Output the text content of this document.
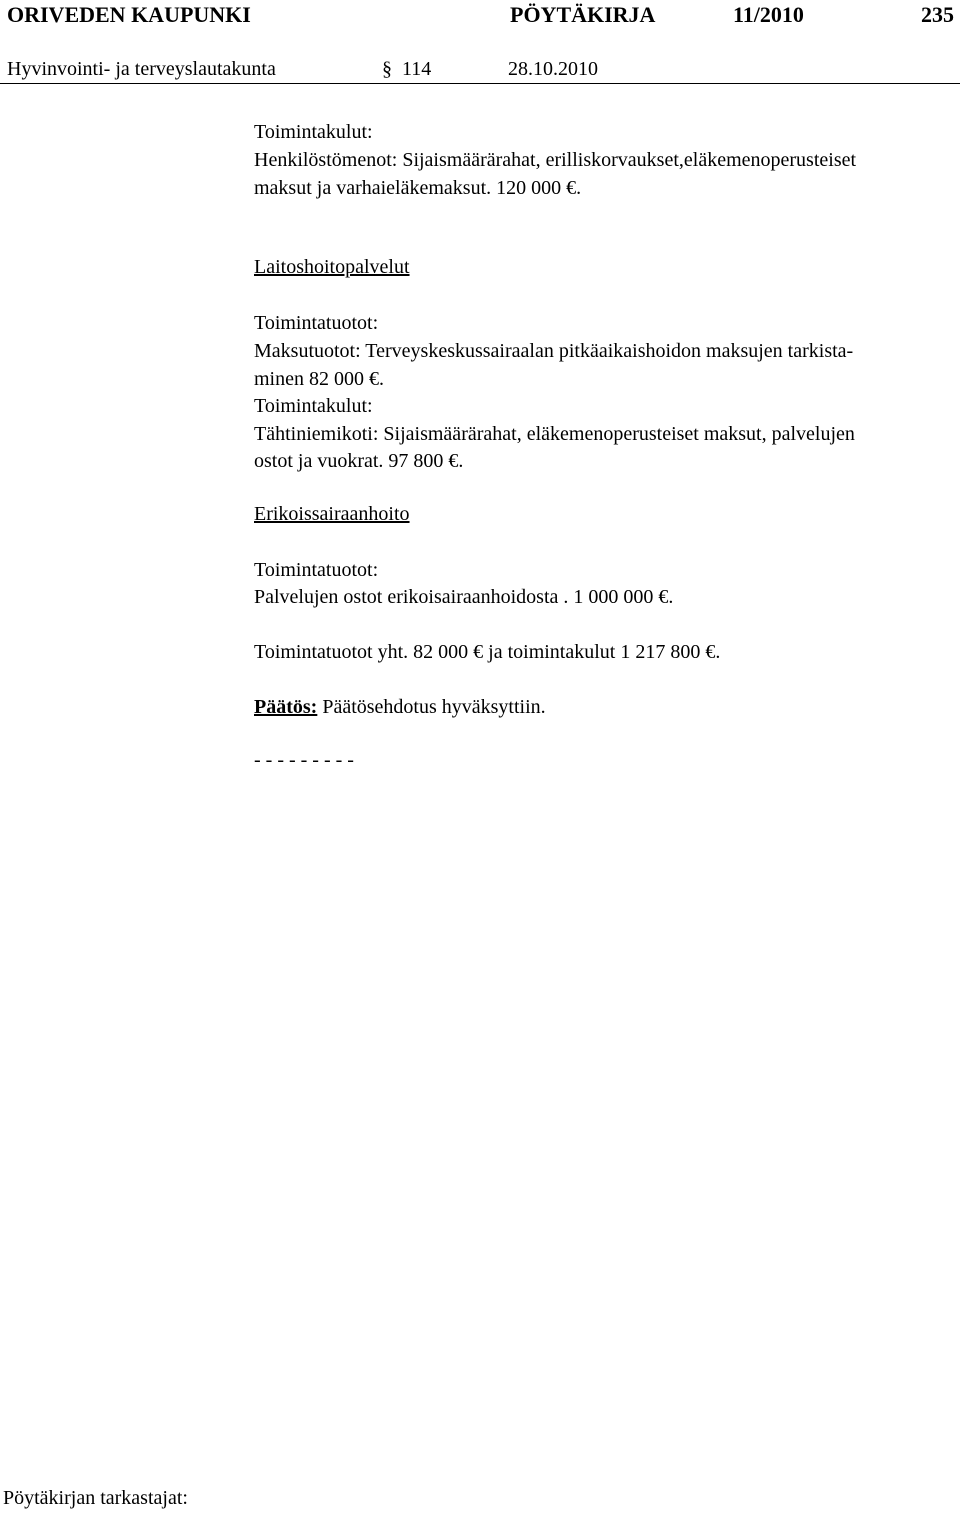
ORIVEDEN KAUPUNKI	PÖYTÄKIRJA	11/2010	235
Hyvinvointi- ja terveyslautakunta	§ 114	28.10.2010
Toimintakulut:
Henkilöstömenot: Sijaismäärärahat, erilliskorvaukset,eläkemenoperusteiset
maksut ja varhaieläkemaksut. 120 000 €.
Laitoshoitopalvelut
Toimintatuotot:
Maksutuotot: Terveyskeskussairaalan pitkäaikaishoidon maksujen tarkista-
minen 82 000 €.
Toimintakulut:
Tähtiniemikoti: Sijaismäärärahat, eläkemenoperusteiset maksut, palvelujen
ostot ja vuokrat. 97 800 €.
Erikoissairaanhoito
Toimintatuotot:
Palvelujen ostot erikoisairaanhoidosta . 1 000 000 €.
Toimintatuotot yht. 82 000 € ja toimintakulut 1 217 800 €.
Päätös: Päätösehdotus hyväksyttiin.
- - - - - - - - -
Pöytäkirjan tarkastajat:
